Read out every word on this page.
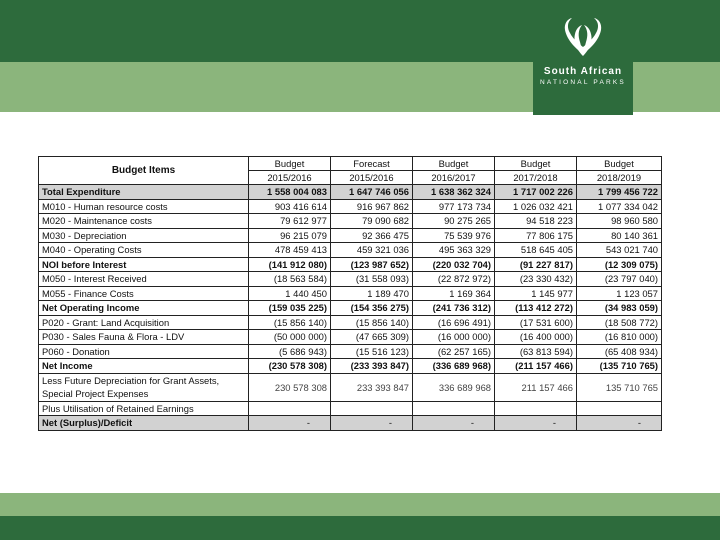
South African
NATIONAL PARKS
Budget Items	Budget	Forecast	Budget	Budget	Budget
	2015/2016	2015/2016	2016/2017	2017/2018	2018/2019
Total Expenditure	1 558 004 083	1 647 746 056	1 638 362 324	1 717 002 226	1 799 456 722
M010 - Human resource costs	903 416 614	916 967 862	977 173 734	1 026 032 421	1 077 334 042
M020 - Maintenance costs	79 612 977	79 090 682	90 275 265	94 518 223	98 960 580
M030 - Depreciation	96 215 079	92 366 475	75 539 976	77 806 175	80 140 361
M040 - Operating Costs	478 459 413	459 321 036	495 363 329	518 645 405	543 021 740
NOI before Interest	(141 912 080)	(123 987 652)	(220 032 704)	(91 227 817)	(12 309 075)
M050 - Interest Received	(18 563 584)	(31 558 093)	(22 872 972)	(23 330 432)	(23 797 040)
M055 - Finance Costs	1 440 450	1 189 470	1 169 364	1 145 977	1 123 057
Net Operating Income	(159 035 225)	(154 356 275)	(241 736 312)	(113 412 272)	(34 983 059)
P020 - Grant: Land Acquisition	(15 856 140)	(15 856 140)	(16 696 491)	(17 531 600)	(18 508 772)
P030 - Sales Fauna & Flora - LDV	(50 000 000)	(47 665 309)	(16 000 000)	(16 400 000)	(16 810 000)
P060 - Donation	(5 686 943)	(15 516 123)	(62 257 165)	(63 813 594)	(65 408 934)
Net Income	(230 578 308)	(233 393 847)	(336 689 968)	(211 157 466)	(135 710 765)
Less Future Depreciation for Grant Assets,	230 578 308	233 393 847	336 689 968	211 157 466	135 710 765
Special Project Expenses					
Plus Utilisation of Retained Earnings					
Net (Surplus)/Deficit	-	-	-	-	-
